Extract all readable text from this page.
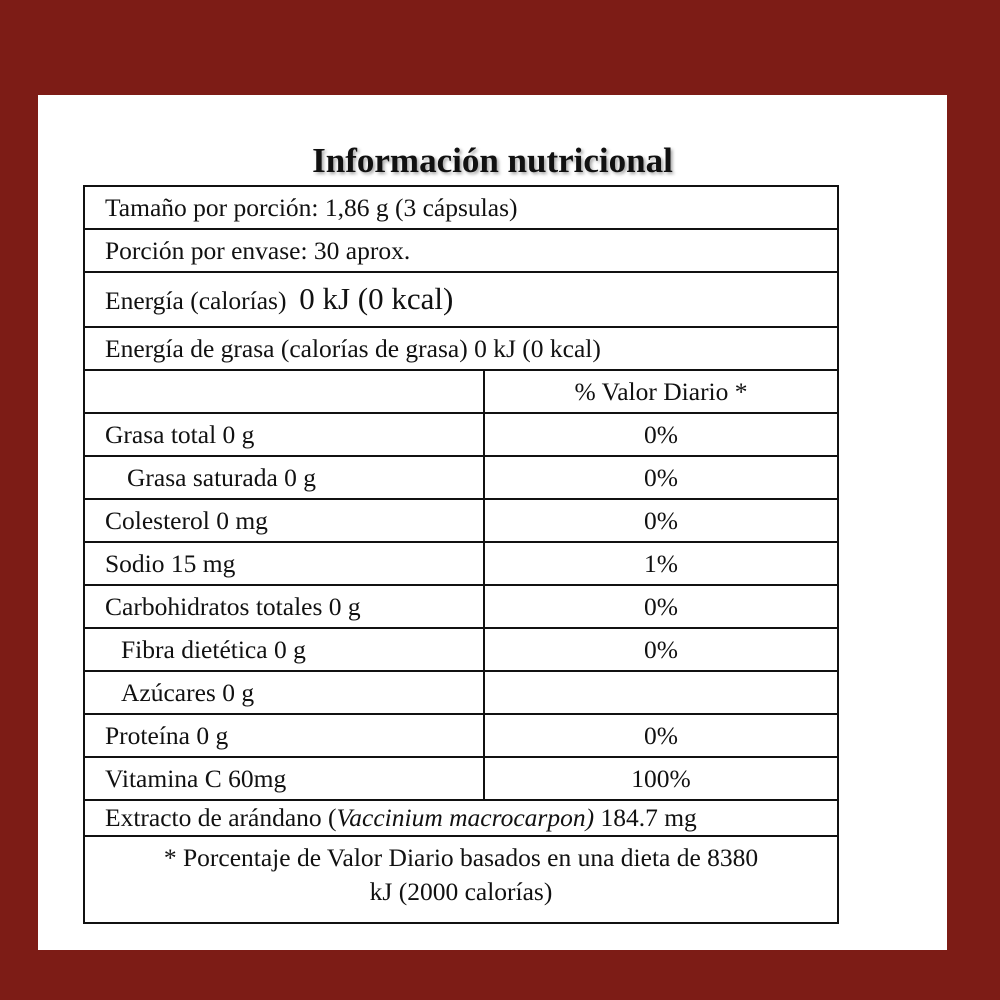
Información nutricional
Tamaño por porción: 1,86 g (3 cápsulas)	
Porción por envase: 30 aprox.	
Energía (calorías) 0 kJ (0 kcal)	
Energía de grasa (calorías de grasa) 0 kJ (0 kcal)	
	% Valor Diario *
Grasa total 0 g	0%
Grasa saturada 0 g	0%
Colesterol 0 mg	0%
Sodio 15 mg	1%
Carbohidratos totales 0 g	0%
Fibra dietética 0 g	0%
Azúcares 0 g	
Proteína 0 g	0%
Vitamina C 60mg	100%
Extracto de arándano (Vaccinium macrocarpon) 184.7 mg	

* Porcentaje de Valor Diario basados en una dieta de 8380
kJ (2000 calorías)	
